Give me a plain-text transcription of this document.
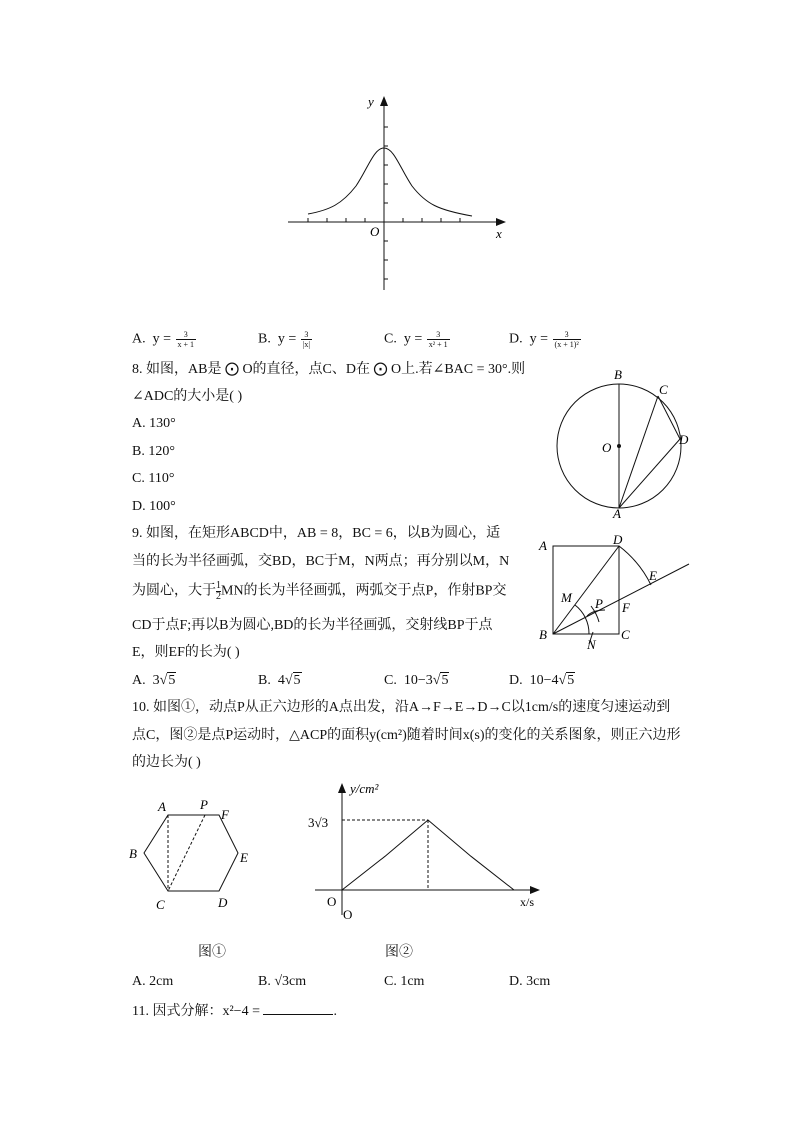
y
x
O
A. $y = \frac{3}{x + 1}$	B. $y = \frac{3}{|x|}$	C. $y = \frac{3}{\text{x² + 1}}$	D. $y = \frac{3}{\text{(x + 1)²}}$
8. 如图，AB是 ⨀ O的直径，点C、D在 ⨀ O上.若∠BAC = 30°.则
∠ADC的大小是( )
A. 130°
B. 120°
C. 110°
D. 100°
B
C
D
O
A
9. 如图，在矩形ABCD中，AB = 8，BC = 6，以B为圆心，适
当的长为半径画弧，交BD，BC于M，N两点；再分别以M，N
为圆心，大于 $\frac{1}{2}MN$的长为半径画弧，两弧交于点P，作射BP交
CD于点F;再以B为圆心,BD的长为半径画弧，交射线BP于点
E，则EF的长为( )
A. 3√5	B. 4√5	C. 10−3√5	D. 10−4√5
A	D
E
M P F
B
N
C
10. 如图①，动点P从正六边形的A点出发，沿A→F→E→D→C以1cm/s的速度匀速运动到
点C，图②是点P运动时，△ACP的面积y(cm²)随着时间x(s)的变化的关系图象，则正六边形
的边长为( )
A	P
F
B	E
C	D
y/cm²
x/s
O
O
3√3
图①	图②
A. 2cm	B. √3cm	C. 1cm	D. 3cm
11. 因式分解：x²−4 =	.
